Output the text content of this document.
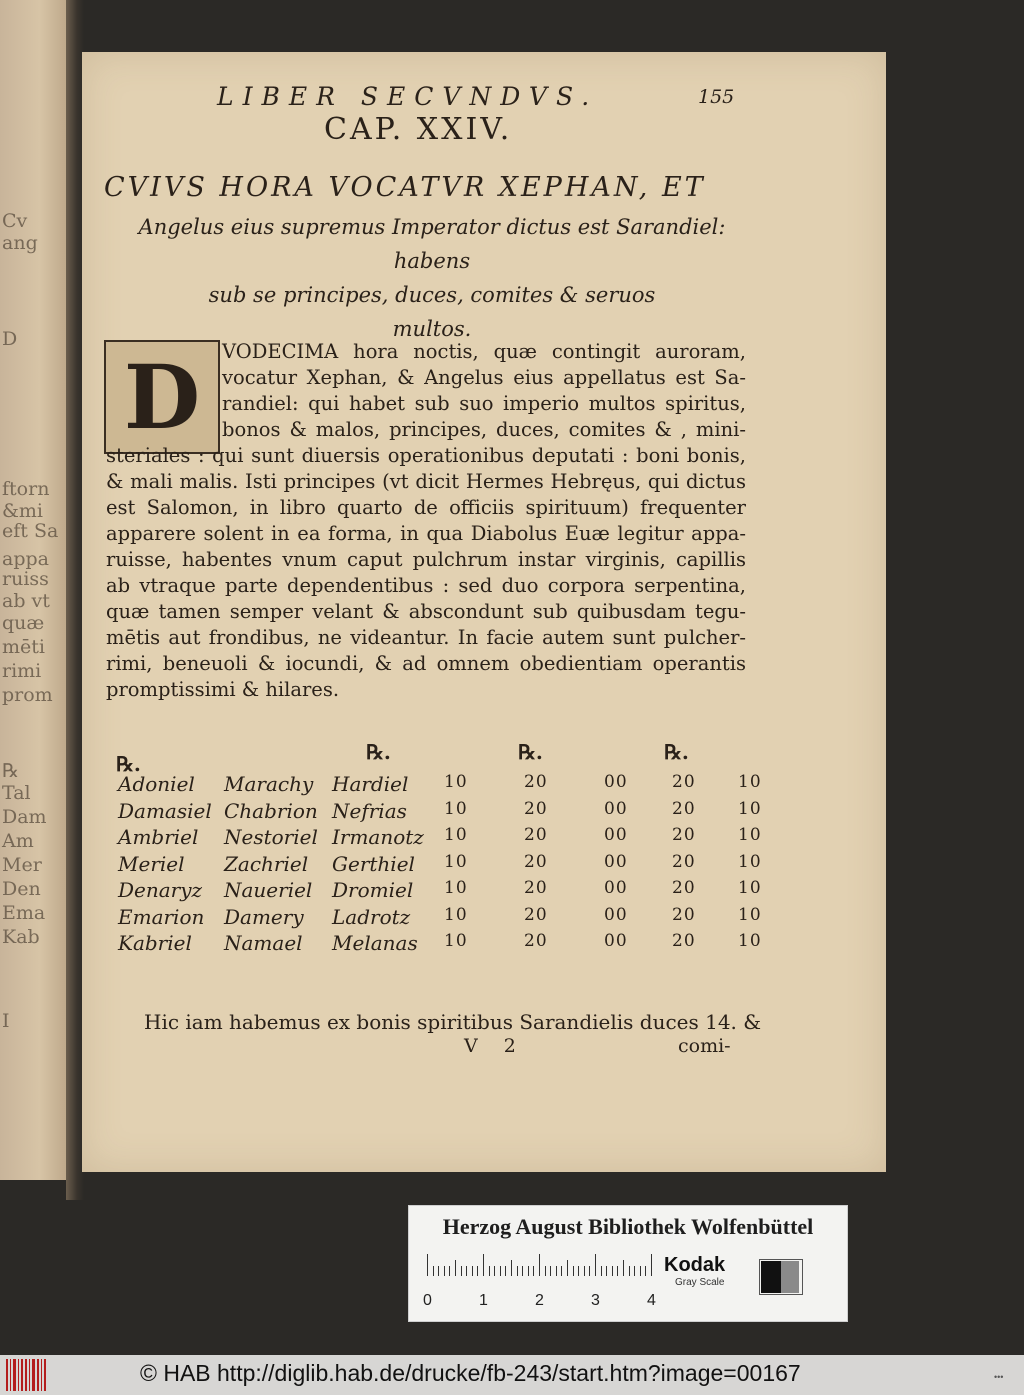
Cv
ang
D
ftorn
&mi
eft Sa
appa
ruiss
ab vt
quæ
mēti
rimi
prom
℞
Tal
Dam
Am
Mer
Den
Ema
Kab
I
LIBER SECVNDVS.	155
CAP. XXIV.
CVIVS HORA VOCATVR XEPHAN, ET
Angelus eius supremus Imperator dictus est Sarandiel: habens
sub se principes, duces, comites & seruos
multos.
D VODECIMA hora noctis, quæ contingit auroram,
vocatur Xephan, & Angelus eius appellatus est Sa-
randiel: qui habet sub suo imperio multos spiritus,
bonos & malos, principes, duces, comites & , mini-
steriales : qui sunt diuersis operationibus deputati : boni bonis,
& mali malis. Isti principes (vt dicit Hermes Hebręus, qui dictus
est Salomon, in libro quarto de officiis spirituum) frequenter
apparere solent in ea forma, in qua Diabolus Euæ legitur appa-
ruisse, habentes vnum caput pulchrum instar virginis, capillis
ab vtraque parte dependentibus : sed duo corpora serpentina,
quæ tamen semper velant & abscondunt sub quibusdam tegu-
mētis aut frondibus, ne videantur. In facie autem sunt pulcher-
rimi, beneuoli & iocundi, & ad omnem obedientiam operantis
promptissimi & hilares.
℞.	℞.	℞.	℞.
Adoniel Marachy Hardiel 10	20	00	20 10
Damasiel Chabrion Nefrias 10	20	00	20 10
Ambriel Nestoriel Irmanotz 10	20	00	20 10
Meriel Zachriel Gerthiel 10	20	00	20 10
Denaryz Naueriel Dromiel 10	20	00	20 10
Emarion Damery Ladrotz 10	20	00	20 10
Kabriel Namael Melanas 10	20	00	20 10
Hic iam habemus ex bonis spiritibus Sarandielis duces 14. &
V 2	comi-
Herzog August Bibliothek Wolfenbüttel
0	1	2	3	4
Kodak
Gray Scale
© HAB http://diglib.hab.de/drucke/fb-243/start.htm?image=00167	•••
